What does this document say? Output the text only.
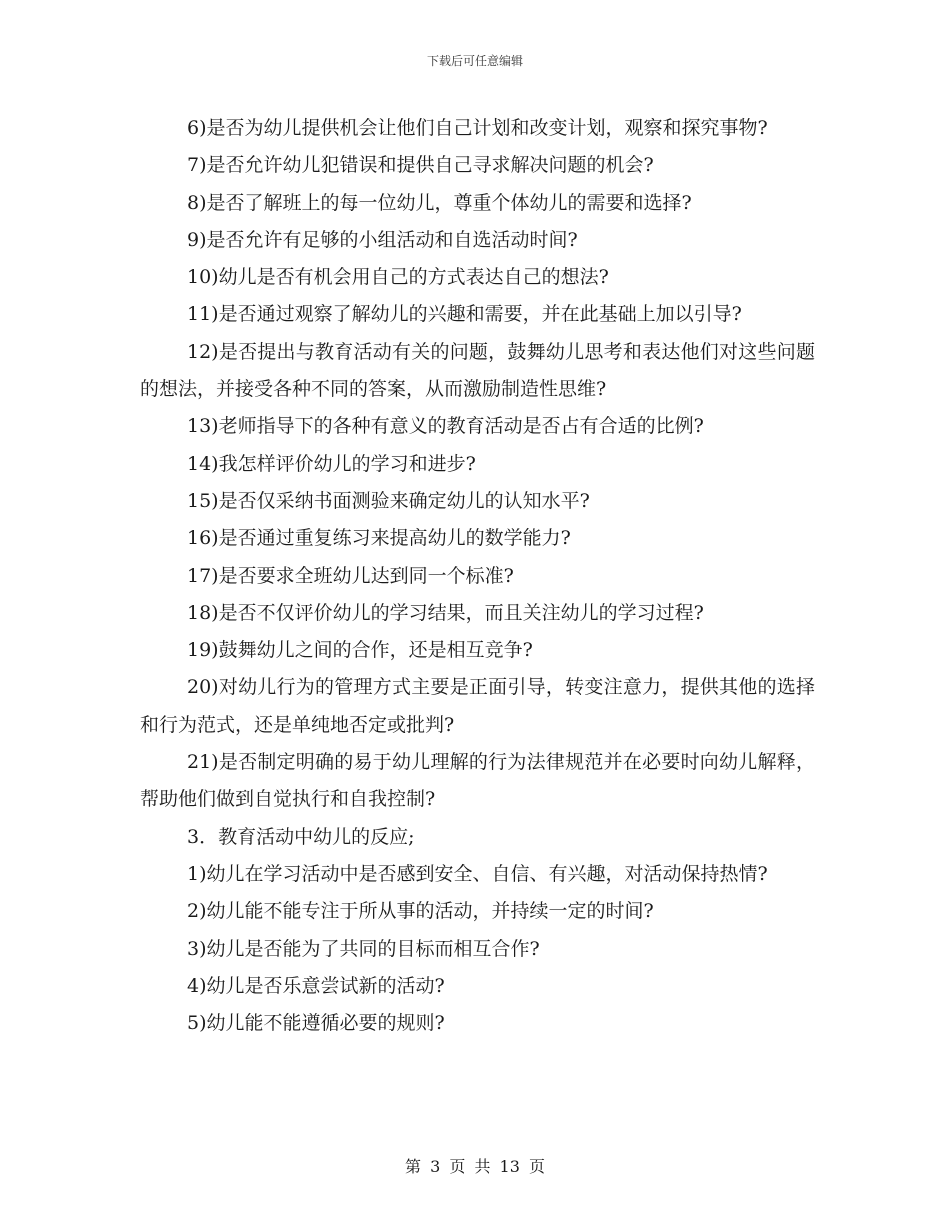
下载后可任意编辑

6)是否为幼儿提供机会让他们自己计划和改变计划，观察和探究事物?

7)是否允许幼儿犯错误和提供自己寻求解决问题的机会?

8)是否了解班上的每一位幼儿，尊重个体幼儿的需要和选择?

9)是否允许有足够的小组活动和自选活动时间?

10)幼儿是否有机会用自己的方式表达自己的想法?

11)是否通过观察了解幼儿的兴趣和需要，并在此基础上加以引导?

12)是否提出与教育活动有关的问题，鼓舞幼儿思考和表达他们对这些问题的想法，并接受各种不同的答案，从而激励制造性思维?

13)老师指导下的各种有意义的教育活动是否占有合适的比例?

14)我怎样评价幼儿的学习和进步?

15)是否仅采纳书面测验来确定幼儿的认知水平?

16)是否通过重复练习来提高幼儿的数学能力?

17)是否要求全班幼儿达到同一个标准?

18)是否不仅评价幼儿的学习结果，而且关注幼儿的学习过程?

19)鼓舞幼儿之间的合作，还是相互竞争?

20)对幼儿行为的管理方式主要是正面引导，转变注意力，提供其他的选择和行为范式，还是单纯地否定或批判?

21)是否制定明确的易于幼儿理解的行为法律规范并在必要时向幼儿解释，帮助他们做到自觉执行和自我控制?

3．教育活动中幼儿的反应;

1)幼儿在学习活动中是否感到安全、自信、有兴趣，对活动保持热情?

2)幼儿能不能专注于所从事的活动，并持续一定的时间?

3)幼儿是否能为了共同的目标而相互合作?

4)幼儿是否乐意尝试新的活动?

5)幼儿能不能遵循必要的规则?

第 3 页 共 13 页
